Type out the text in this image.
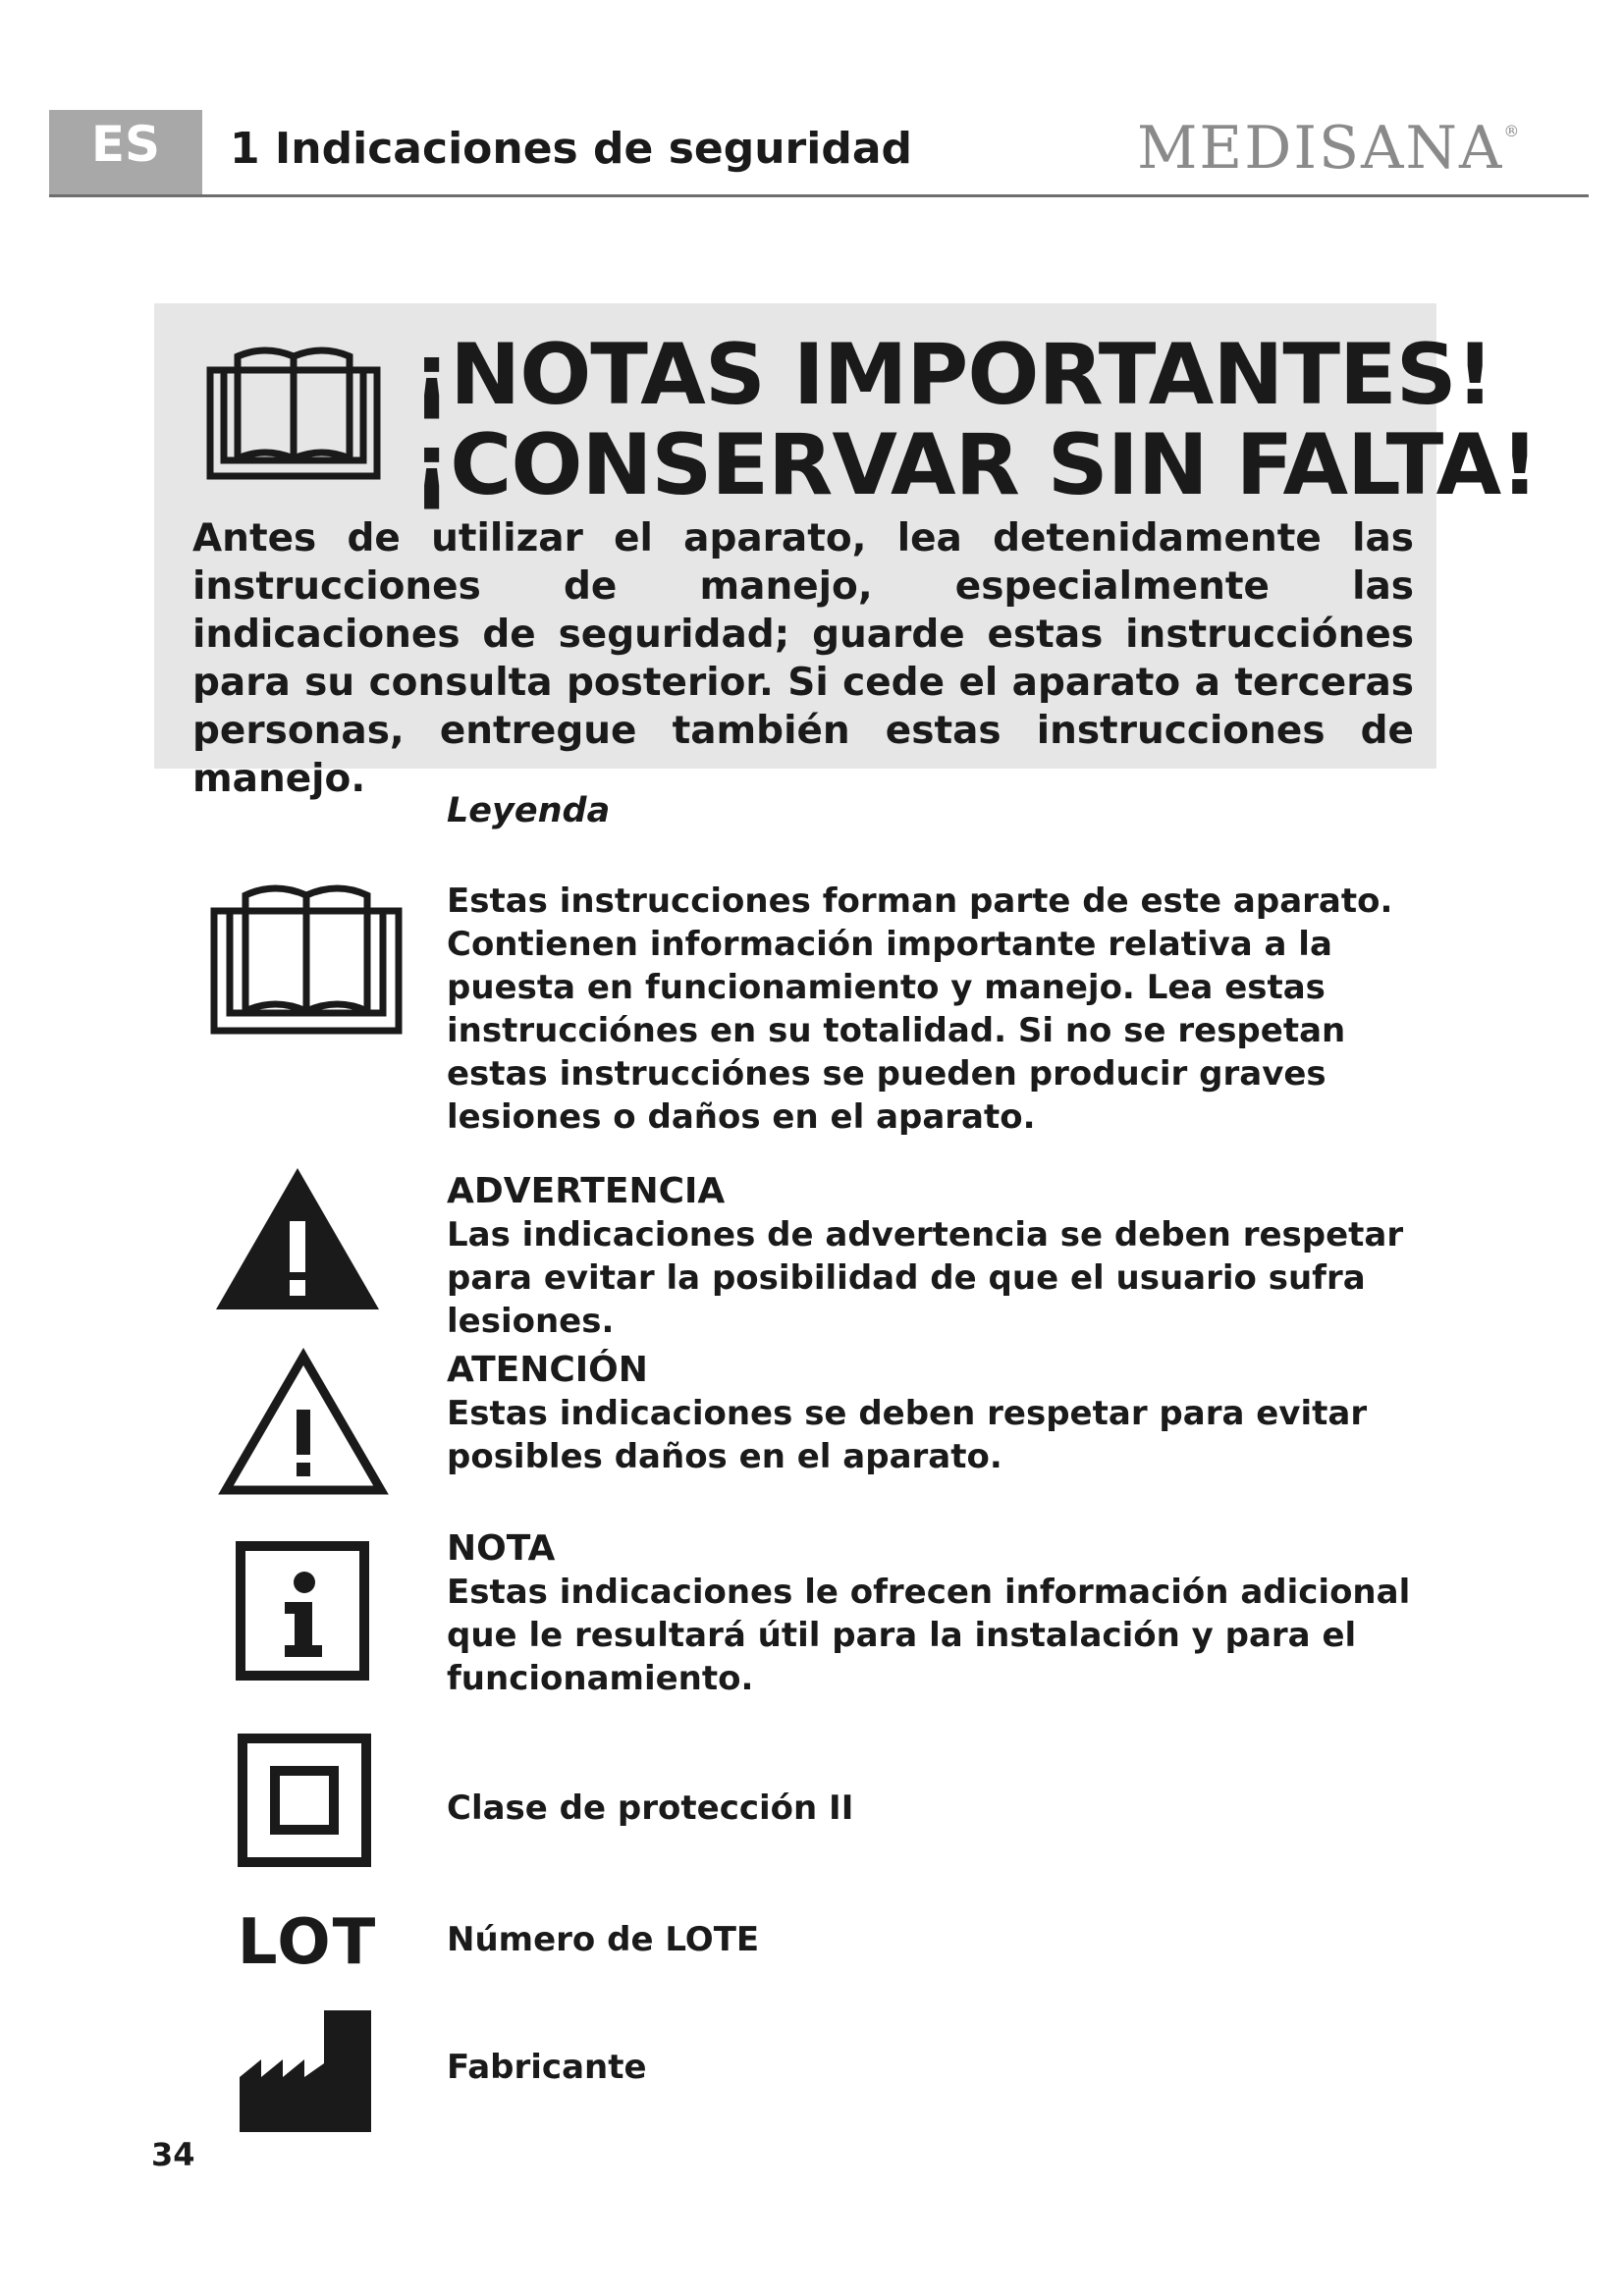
ES 1 Indicaciones de seguridad	MEDISANA®
¡NOTAS IMPORTANTES!
¡CONSERVAR SIN FALTA!
Antes de utilizar el aparato, lea detenidamente las instrucciones de manejo, especialmente las indicaciones de seguridad; guarde estas instrucciónes para su consulta posterior. Si cede el aparato a terceras personas, entregue también estas instrucciones de manejo.
Leyenda
Estas instrucciones forman parte de este aparato. Contienen información importante relativa a la puesta en funcionamiento y manejo. Lea estas instrucciónes en su totalidad. Si no se respetan estas instrucciónes se pueden producir graves lesiones o daños en el aparato.
ADVERTENCIA
Las indicaciones de advertencia se deben respetar para evitar la posibilidad de que el usuario sufra lesiones.
ATENCIÓN
Estas indicaciones se deben respetar para evitar posibles daños en el aparato.
NOTA
Estas indicaciones le ofrecen información adicional que le resultará útil para la instalación y para el funcionamiento.
Clase de protección II
LOT Número de LOTE
Fabricante
34
